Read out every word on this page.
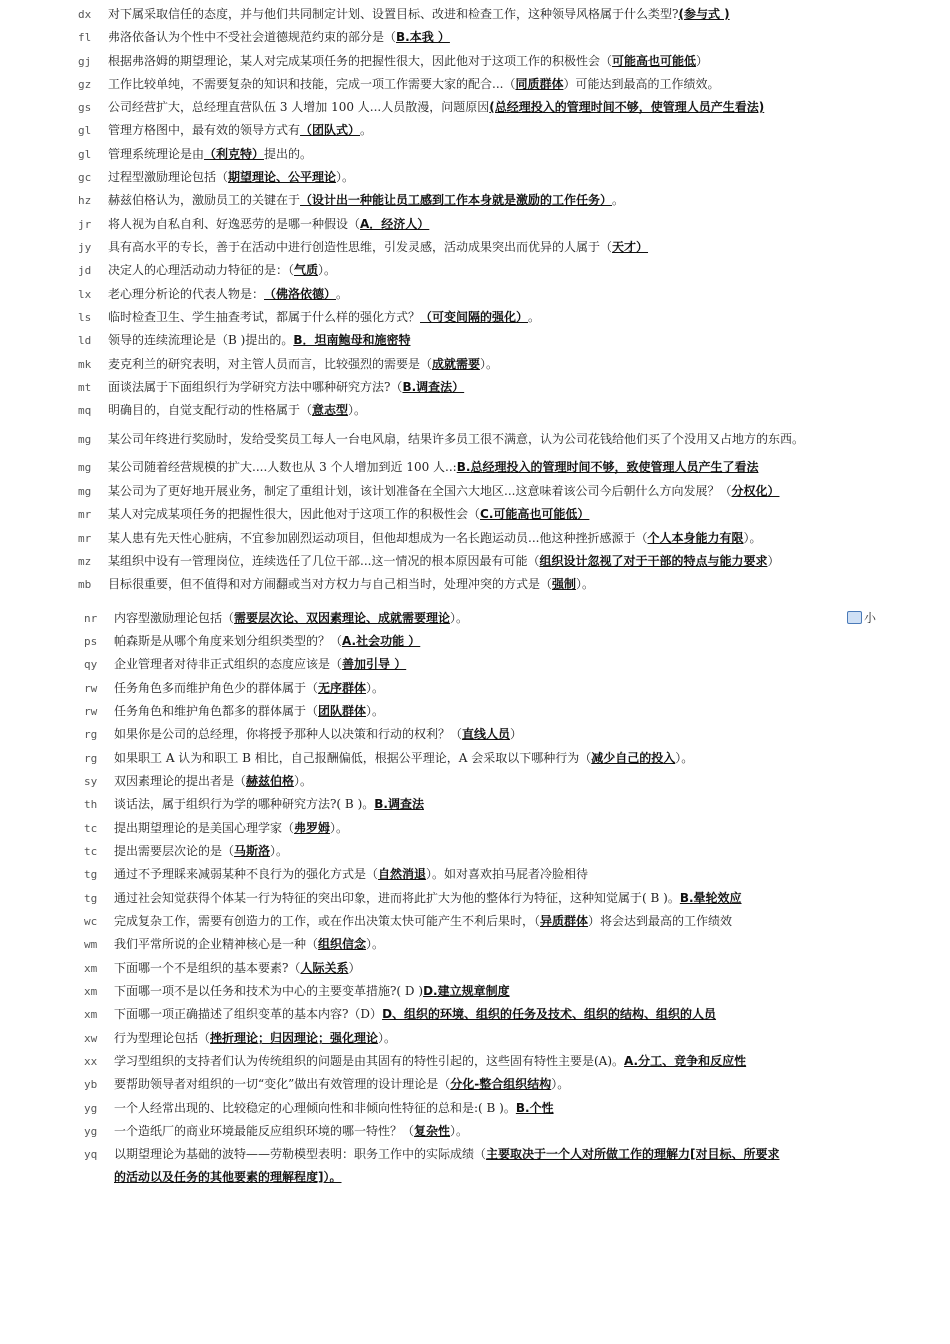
dx	对下属采取信任的态度，并与他们共同制定计划、设置目标、改进和检查工作，这种领导风格属于什么类型? (参与式 )
fl	弗洛依备认为个性中不受社会道德规范约束的部分是（ B.本我 ）
gj	根据弗洛姆的期望理论，某人对完成某项任务的把握性很大，因此他对于这项工作的积极性会（ 可能高也可能低 ）
gz	工作比较单纯，不需要复杂的知识和技能，完成一项工作需要大家的配合...（ 同质群体 ）可能达到最高的工作绩效。
gs	公司经营扩大，总经理直营队伍 3 人增加 100 人...人员散漫，问题原因 (总经理投入的管理时间不够，使管理人员产生看法)
gl	管理方格图中，最有效的领导方式有 （团队式） 。
gl	管理系统理论是由 （利克特） 提出的。
gc	过程型激励理论包括（ 期望理论、公平理论 ）。
hz	赫兹伯格认为，激励员工的关键在于 （设计出一种能让员工感到工作本身就是激励的工作任务） 。
jr	将人视为自私自利、好逸恶劳的是哪一种假设（ A．经济人）
jy	具有高水平的专长，善于在活动中进行创造性思维，引发灵感，活动成果突出而优异的人属于（ 天才）
jd	决定人的心理活动动力特征的是：（ 气质 ）。
lx	老心理分析论的代表人物是： （佛洛依德） 。
ls	临时检查卫生、学生抽查考试，都属于什么样的强化方式？ （可变间隔的强化） 。
ld	领导的连续流理论是（B )提出的。 B．坦南鲍母和施密特
mk	麦克利兰的研究表明，对主管人员而言，比较强烈的需要是（ 成就需要 ）。
mt	面谈法属于下面组织行为学研究方法中哪种研究方法?（ B.调查法）
mq	明确目的，自觉支配行动的性格属于（ 意志型 ）。
mg	某公司年终进行奖励时，发给受奖员工每人一台电风扇，结果许多员工很不满意，认为公司花钱给他们买了个没用又占地方的东西。
mg	某公司随着经营规模的扩大....人数也从 3 个人增加到近 100 人..: B.总经理投入的管理时间不够，致使管理人员产生了看法
mg	某公司为了更好地开展业务，制定了重组计划，该计划准备在全国六大地区...这意味着该公司今后朝什么方向发展？（ 分权化）
mr	某人对完成某项任务的把握性很大，因此他对于这项工作的积极性会（ C.可能高也可能低）
mr	某人患有先天性心脏病，不宜参加剧烈运动项目，但他却想成为一名长跑运动员...他这种挫折感源于（ 个人本身能力有限 ）。
mz	某组织中设有一管理岗位，连续选任了几位干部...这一情况的根本原因最有可能（ 组织设计忽视了对于干部的特点与能力要求 ）
mb	目标很重要，但不值得和对方闹翻或当对方权力与自己相当时，处理冲突的方式是（ 强制 ）。
nr	内容型激励理论包括（ 需要层次论、双因素理论、成就需要理论 ）。
ps	帕森斯是从哪个角度来划分组织类型的？（ A.社会功能 ）
qy	企业管理者对待非正式组织的态度应该是（ 善加引导 ）
rw	任务角色多而维护角色少的群体属于（ 无序群体 ）。
rw	任务角色和维护角色都多的群体属于（ 团队群体 ）。
rg	如果你是公司的总经理，你将授予那种人以决策和行动的权利？（ 直线人员 ）
rg	如果职工 A 认为和职工 B 相比，自己报酬偏低，根据公平理论，A 会采取以下哪种行为（ 减少自己的投入 ）。
sy	双因素理论的提出者是（ 赫兹伯格 ）。
th	谈话法，属于组织行为学的哪种研究方法?( B )。 B.调查法
tc	提出期望理论的是美国心理学家（ 弗罗姆 ）。
tc	提出需要层次论的是（ 马斯洛 ）。
tg	通过不予理睬来减弱某种不良行为的强化方式是（ 自然消退 ）。如对喜欢拍马屁者冷脸相待
tg	通过社会知觉获得个体某一行为特征的突出印象，进而将此扩大为他的整体行为特征，这种知觉属于( B )。 B.晕轮效应
wc	完成复杂工作，需要有创造力的工作，或在作出决策太快可能产生不利后果时，（ 异质群体 ）将会达到最高的工作绩效
wm	我们平常所说的企业精神核心是一种（ 组织信念 ）。
xm	下面哪一个不是组织的基本要素?（ 人际关系 ）
xm	下面哪一项不是以任务和技术为中心的主要变革措施?( D ) D.建立规章制度
xm	下面哪一项正确描述了组织变革的基本内容?（D） D、组织的环境、组织的任务及技术、组织的结构、组织的人员
xw	行为型理论包括（ 挫折理论；归因理论；强化理论 ）。
xx	学习型组织的支持者们认为传统组织的问题是由其固有的特性引起的，这些固有特性主要是(A)。 A.分工、竞争和反应性
yb	要帮助领导者对组织的一切“变化”做出有效管理的设计理论是（ 分化-整合组织结构 ）。
yg	一个人经常出现的、比较稳定的心理倾向性和非倾向性特征的总和是:( B )。 B.个性
yg	一个造纸厂的商业环境最能反应组织环境的哪一特性？（ 复杂性 ）。
yq	以期望理论为基础的波特——劳勒模型表明：职务工作中的实际成绩（ 主要取决于一个人对所做工作的理解力[对目标、所要求
的活动以及任务的其他要素的理解程度]）。
小
